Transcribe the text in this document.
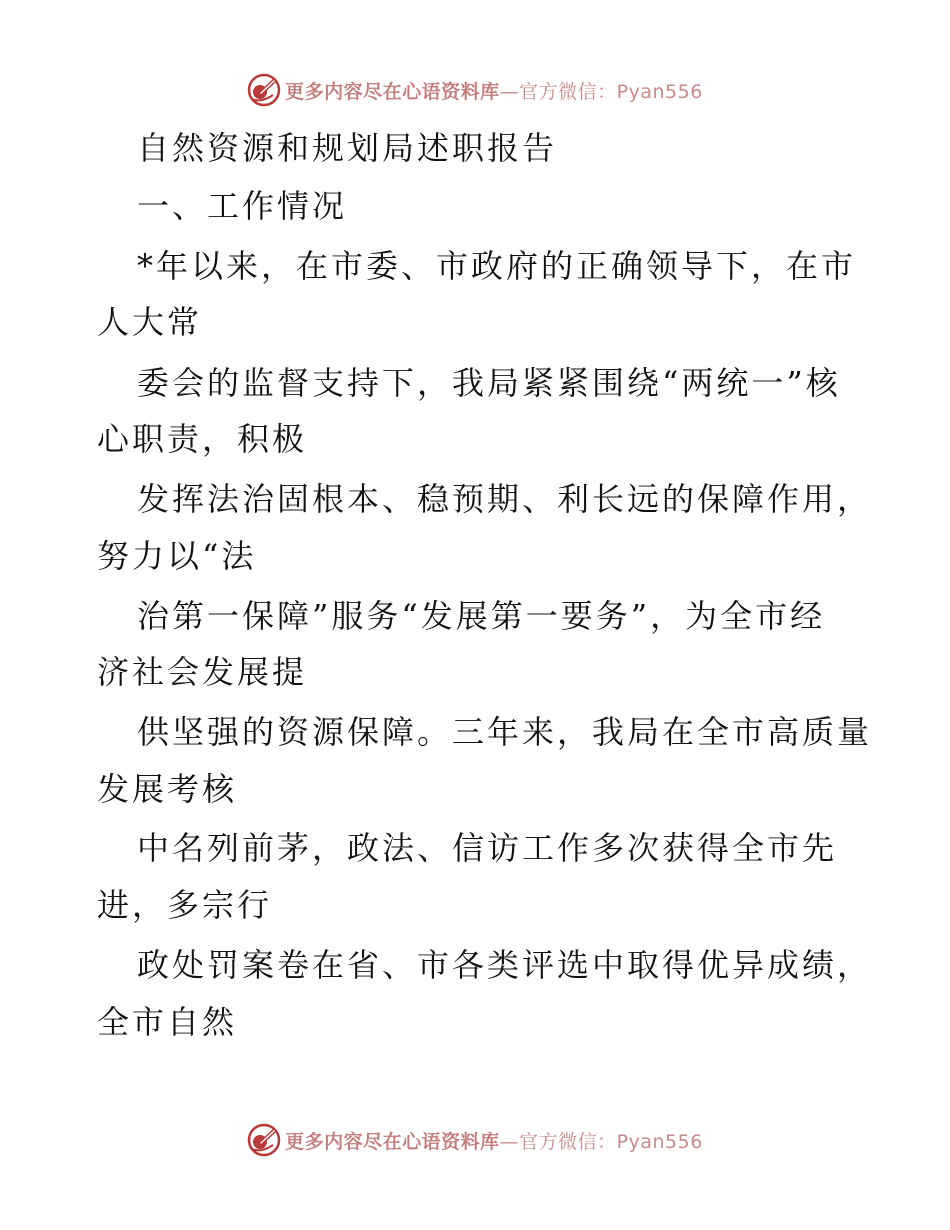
更多内容尽在心语资料库—官方微信：Pyan556
自然资源和规划局述职报告
一、工作情况
*年以来，在市委、市政府的正确领导下，在市
人大常
委会的监督支持下，我局紧紧围绕“两统一”核
心职责，积极
发挥法治固根本、稳预期、利长远的保障作用，
努力以“法
治第一保障”服务“发展第一要务”，为全市经
济社会发展提
供坚强的资源保障。三年来，我局在全市高质量
发展考核
中名列前茅，政法、信访工作多次获得全市先
进，多宗行
政处罚案卷在省、市各类评选中取得优异成绩，
全市自然
更多内容尽在心语资料库—官方微信：Pyan556
